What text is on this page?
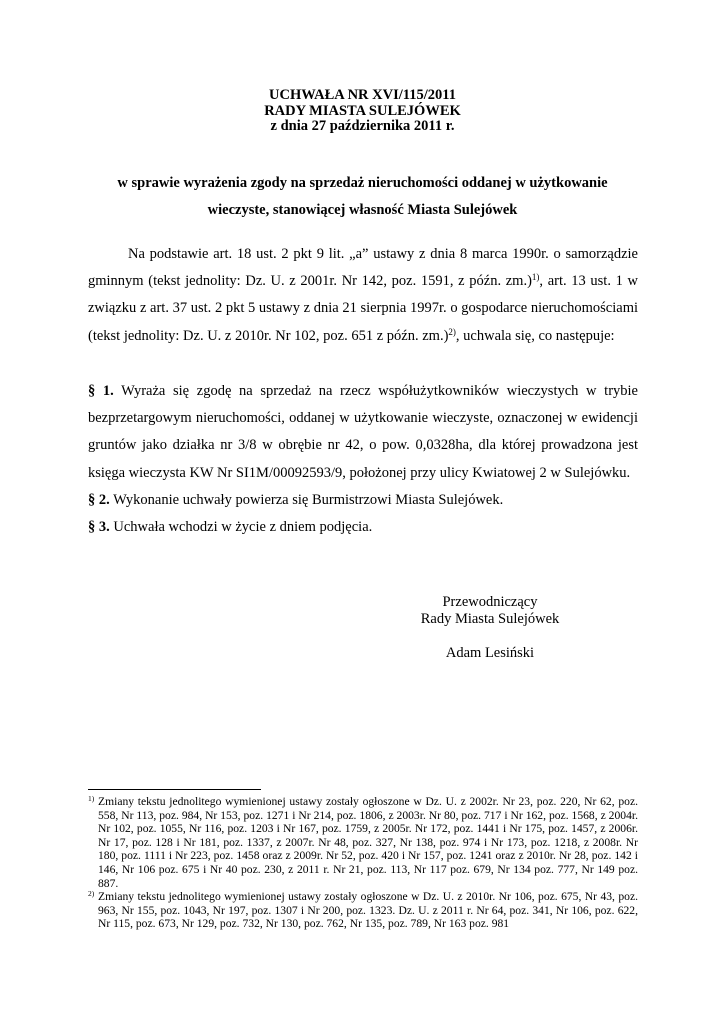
UCHWAŁA NR XVI/115/2011
RADY MIASTA SULEJÓWEK
z dnia 27 października 2011 r.
w sprawie wyrażenia zgody na sprzedaż nieruchomości oddanej w użytkowanie
wieczyste, stanowiącej własność Miasta Sulejówek
Na podstawie art. 18 ust. 2 pkt 9 lit. „a” ustawy z dnia 8 marca 1990r. o samorządzie gminnym (tekst jednolity: Dz. U. z 2001r. Nr 142, poz. 1591, z późn. zm.)$^{1)}$, art. 13 ust. 1 w związku z art. 37 ust. 2 pkt 5 ustawy z dnia 21 sierpnia 1997r. o gospodarce nieruchomościami (tekst jednolity: Dz. U. z 2010r. Nr 102, poz. 651 z późn. zm.)$^{2)}$, uchwala się, co następuje:

§ 1. Wyraża się zgodę na sprzedaż na rzecz współużytkowników wieczystych w trybie bezprzetargowym nieruchomości, oddanej w użytkowanie wieczyste, oznaczonej w ewidencji gruntów jako działka nr 3/8 w obrębie nr 42, o pow. 0,0328ha, dla której prowadzona jest księga wieczysta KW Nr SI1M/00092593/9, położonej przy ulicy Kwiatowej 2 w Sulejówku.

§ 2. Wykonanie uchwały powierza się Burmistrzowi Miasta Sulejówek.

§ 3. Uchwała wchodzi w życie z dniem podjęcia.

Przewodniczący
Rady Miasta Sulejówek
Adam Lesiński
$^{1)}$ Zmiany tekstu jednolitego wymienionej ustawy zostały ogłoszone w Dz. U. z 2002r. Nr 23, poz. 220, Nr 62, poz. 558, Nr 113, poz. 984, Nr 153, poz. 1271 i Nr 214, poz. 1806, z 2003r. Nr 80, poz. 717 i Nr 162, poz. 1568, z 2004r. Nr 102, poz. 1055, Nr 116, poz. 1203 i Nr 167, poz. 1759, z 2005r. Nr 172, poz. 1441 i Nr 175, poz. 1457, z 2006r. Nr 17, poz. 128 i Nr 181, poz. 1337, z 2007r. Nr 48, poz. 327, Nr 138, poz. 974 i Nr 173, poz. 1218, z 2008r. Nr 180, poz. 1111 i Nr 223, poz. 1458 oraz z 2009r. Nr 52, poz. 420 i Nr 157, poz. 1241 oraz z 2010r. Nr 28, poz. 142 i 146, Nr 106 poz. 675 i Nr 40 poz. 230, z 2011 r. Nr 21, poz. 113, Nr 117 poz. 679, Nr 134 poz. 777, Nr 149 poz. 887.
$^{2)}$ Zmiany tekstu jednolitego wymienionej ustawy zostały ogłoszone w Dz. U. z 2010r. Nr 106, poz. 675, Nr 43, poz. 963, Nr 155, poz. 1043, Nr 197, poz. 1307 i Nr 200, poz. 1323. Dz. U. z 2011 r. Nr 64, poz. 341, Nr 106, poz. 622, Nr 115, poz. 673, Nr 129, poz. 732, Nr 130, poz. 762, Nr 135, poz. 789, Nr 163 poz. 981
